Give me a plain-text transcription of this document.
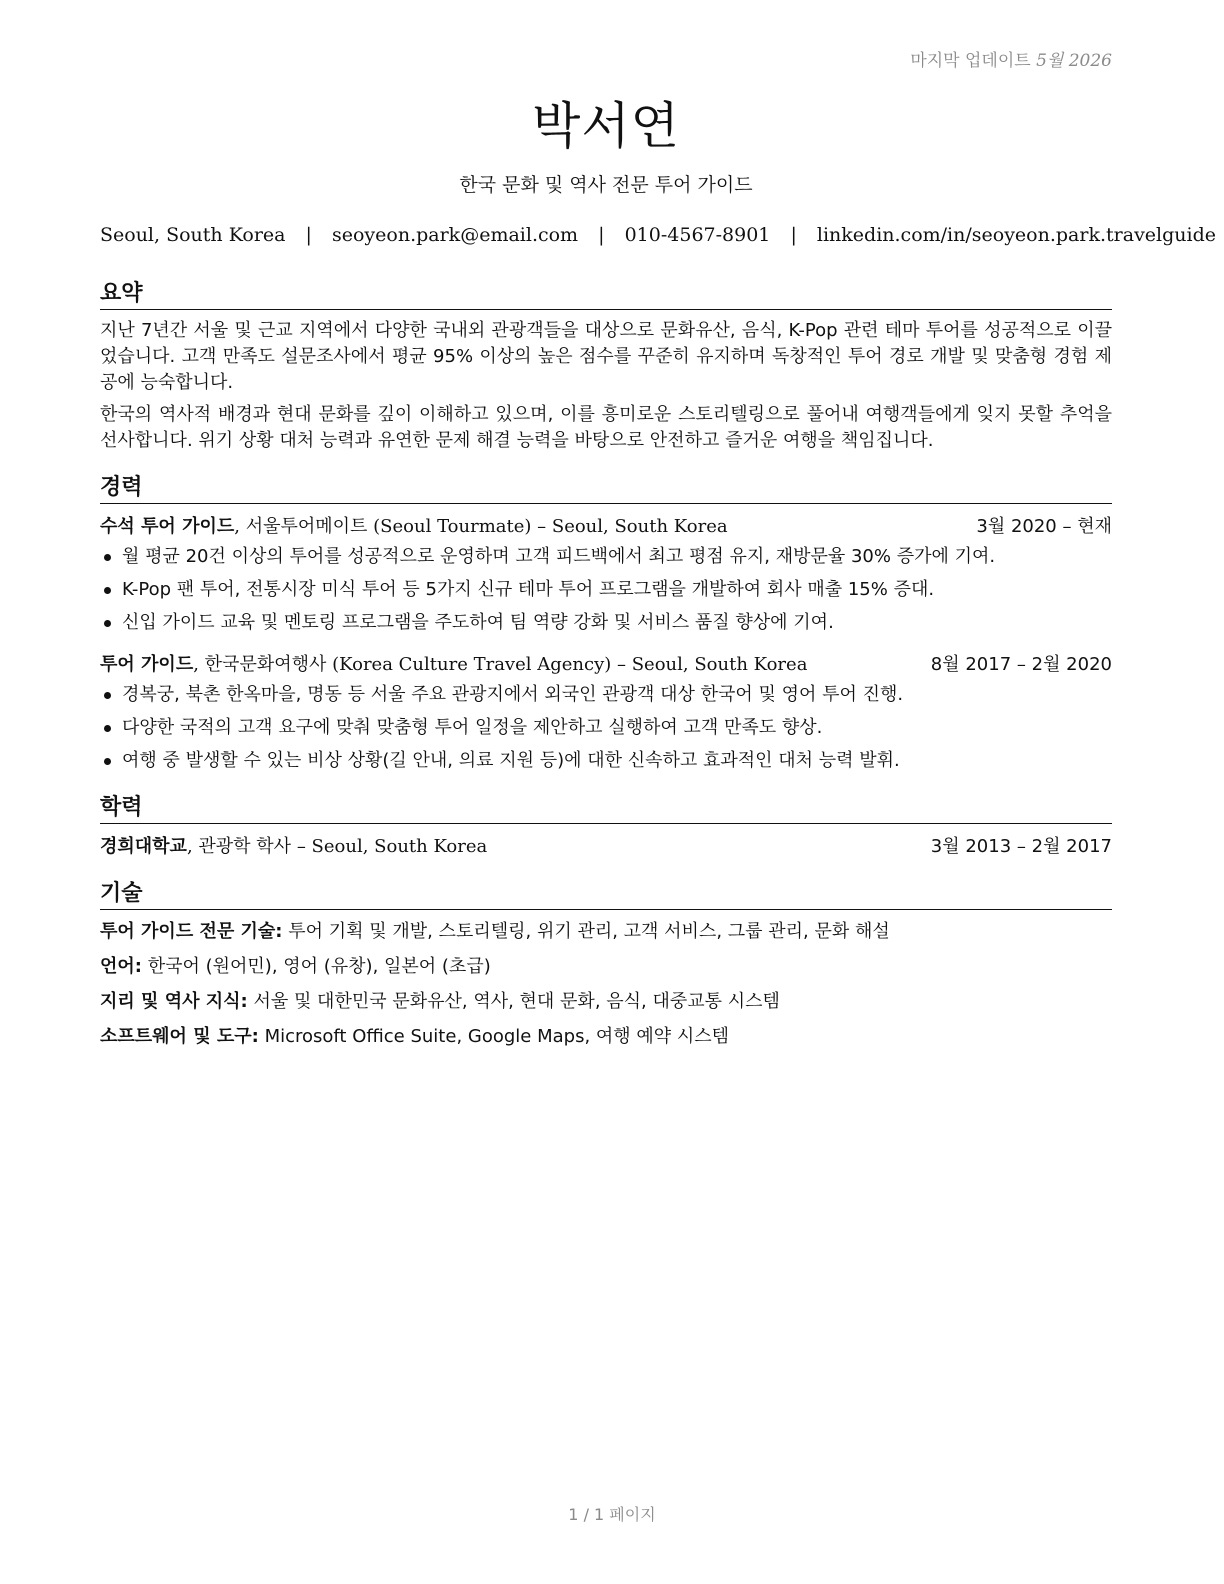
마지막 업데이트 5월 2026
박서연
한국 문화 및 역사 전문 투어 가이드
Seoul, South Korea | seoyeon.park@email.com | 010-4567-8901 | linkedin.com/in/seoyeon.park.travelguide
요약

지난 7년간 서울 및 근교 지역에서 다양한 국내외 관광객들을 대상으로 문화유산, 음식, K-Pop 관련 테마 투어를 성공적으로 이끌었습니다. 고객 만족도 설문조사에서 평균 95% 이상의 높은 점수를 꾸준히 유지하며 독창적인 투어 경로 개발 및 맞춤형 경험 제공에 능숙합니다.

한국의 역사적 배경과 현대 문화를 깊이 이해하고 있으며, 이를 흥미로운 스토리텔링으로 풀어내 여행객들에게 잊지 못할 추억을 선사합니다. 위기 상황 대처 능력과 유연한 문제 해결 능력을 바탕으로 안전하고 즐거운 여행을 책임집니다.

경력
수석 투어 가이드, 서울투어메이트 (Seoul Tourmate) – Seoul, South Korea	3월 2020 – 현재
월 평균 20건 이상의 투어를 성공적으로 운영하며 고객 피드백에서 최고 평점 유지, 재방문율 30% 증가에 기여.
K-Pop 팬 투어, 전통시장 미식 투어 등 5가지 신규 테마 투어 프로그램을 개발하여 회사 매출 15% 증대.
신입 가이드 교육 및 멘토링 프로그램을 주도하여 팀 역량 강화 및 서비스 품질 향상에 기여.
투어 가이드, 한국문화여행사 (Korea Culture Travel Agency) – Seoul, South Korea	8월 2017 – 2월 2020
경복궁, 북촌 한옥마을, 명동 등 서울 주요 관광지에서 외국인 관광객 대상 한국어 및 영어 투어 진행.
다양한 국적의 고객 요구에 맞춰 맞춤형 투어 일정을 제안하고 실행하여 고객 만족도 향상.
여행 중 발생할 수 있는 비상 상황(길 안내, 의료 지원 등)에 대한 신속하고 효과적인 대처 능력 발휘.
학력
경희대학교, 관광학 학사 – Seoul, South Korea	3월 2013 – 2월 2017
기술
투어 가이드 전문 기술: 투어 기획 및 개발, 스토리텔링, 위기 관리, 고객 서비스, 그룹 관리, 문화 해설
언어: 한국어 (원어민), 영어 (유창), 일본어 (초급)
지리 및 역사 지식: 서울 및 대한민국 문화유산, 역사, 현대 문화, 음식, 대중교통 시스템
소프트웨어 및 도구: Microsoft Office Suite, Google Maps, 여행 예약 시스템
1 / 1 페이지
